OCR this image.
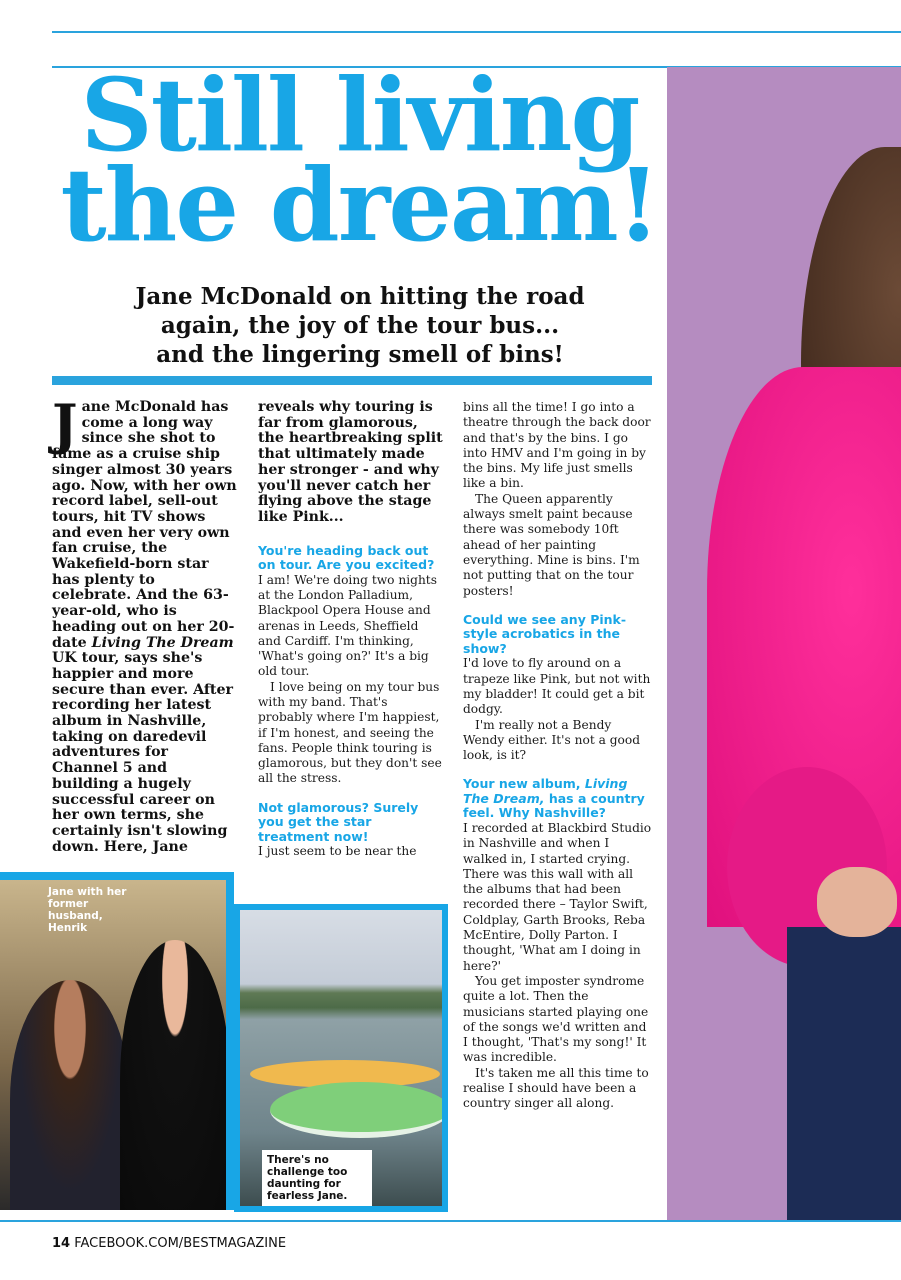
Still living
the dream!
Jane McDonald on hitting the road
again, the joy of the tour bus...
and the lingering smell of bins!
Jane McDonald has come a long way since she shot to fame as a cruise ship singer almost 30 years ago. Now, with her own record label, sell-out tours, hit TV shows and even her very own fan cruise, the Wakefield-born star has plenty to celebrate. And the 63-year-old, who is heading out on her 20-date Living The Dream UK tour, says she's happier and more secure than ever. After recording her latest album in Nashville, taking on daredevil adventures for Channel 5 and building a hugely successful career on her own terms, she certainly isn't slowing down. Here, Jane

reveals why touring is far from glamorous, the heartbreaking split that ultimately made her stronger - and why you'll never catch her flying above the stage like Pink...

You're heading back out on tour. Are you excited?

I am! We're doing two nights at the London Palladium, Blackpool Opera House and arenas in Leeds, Sheffield and Cardiff. I'm thinking, 'What's going on?' It's a big old tour.

I love being on my tour bus with my band. That's probably where I'm happiest, if I'm honest, and seeing the fans. People think touring is glamorous, but they don't see all the stress.

Not glamorous? Surely you get the star treatment now!

I just seem to be near the

bins all the time! I go into a theatre through the back door and that's by the bins. I go into HMV and I'm going in by the bins. My life just smells like a bin.

The Queen apparently always smelt paint because there was somebody 10ft ahead of her painting everything. Mine is bins. I'm not putting that on the tour posters!

Could we see any Pink-style acrobatics in the show?

I'd love to fly around on a trapeze like Pink, but not with my bladder! It could get a bit dodgy.

I'm really not a Bendy Wendy either. It's not a good look, is it?

Your new album, Living The Dream, has a country feel. Why Nashville?

I recorded at Blackbird Studio in Nashville and when I walked in, I started crying. There was this wall with all the albums that had been recorded there – Taylor Swift, Coldplay, Garth Brooks, Reba McEntire, Dolly Parton. I thought, 'What am I doing in here?'

You get imposter syndrome quite a lot. Then the musicians started playing one of the songs we'd written and I thought, 'That's my song!' It was incredible.

It's taken me all this time to realise I should have been a country singer all along.

Jane with her former husband, Henrik
There's no challenge too daunting for fearless Jane.
14 FACEBOOK.COM/BESTMAGAZINE
